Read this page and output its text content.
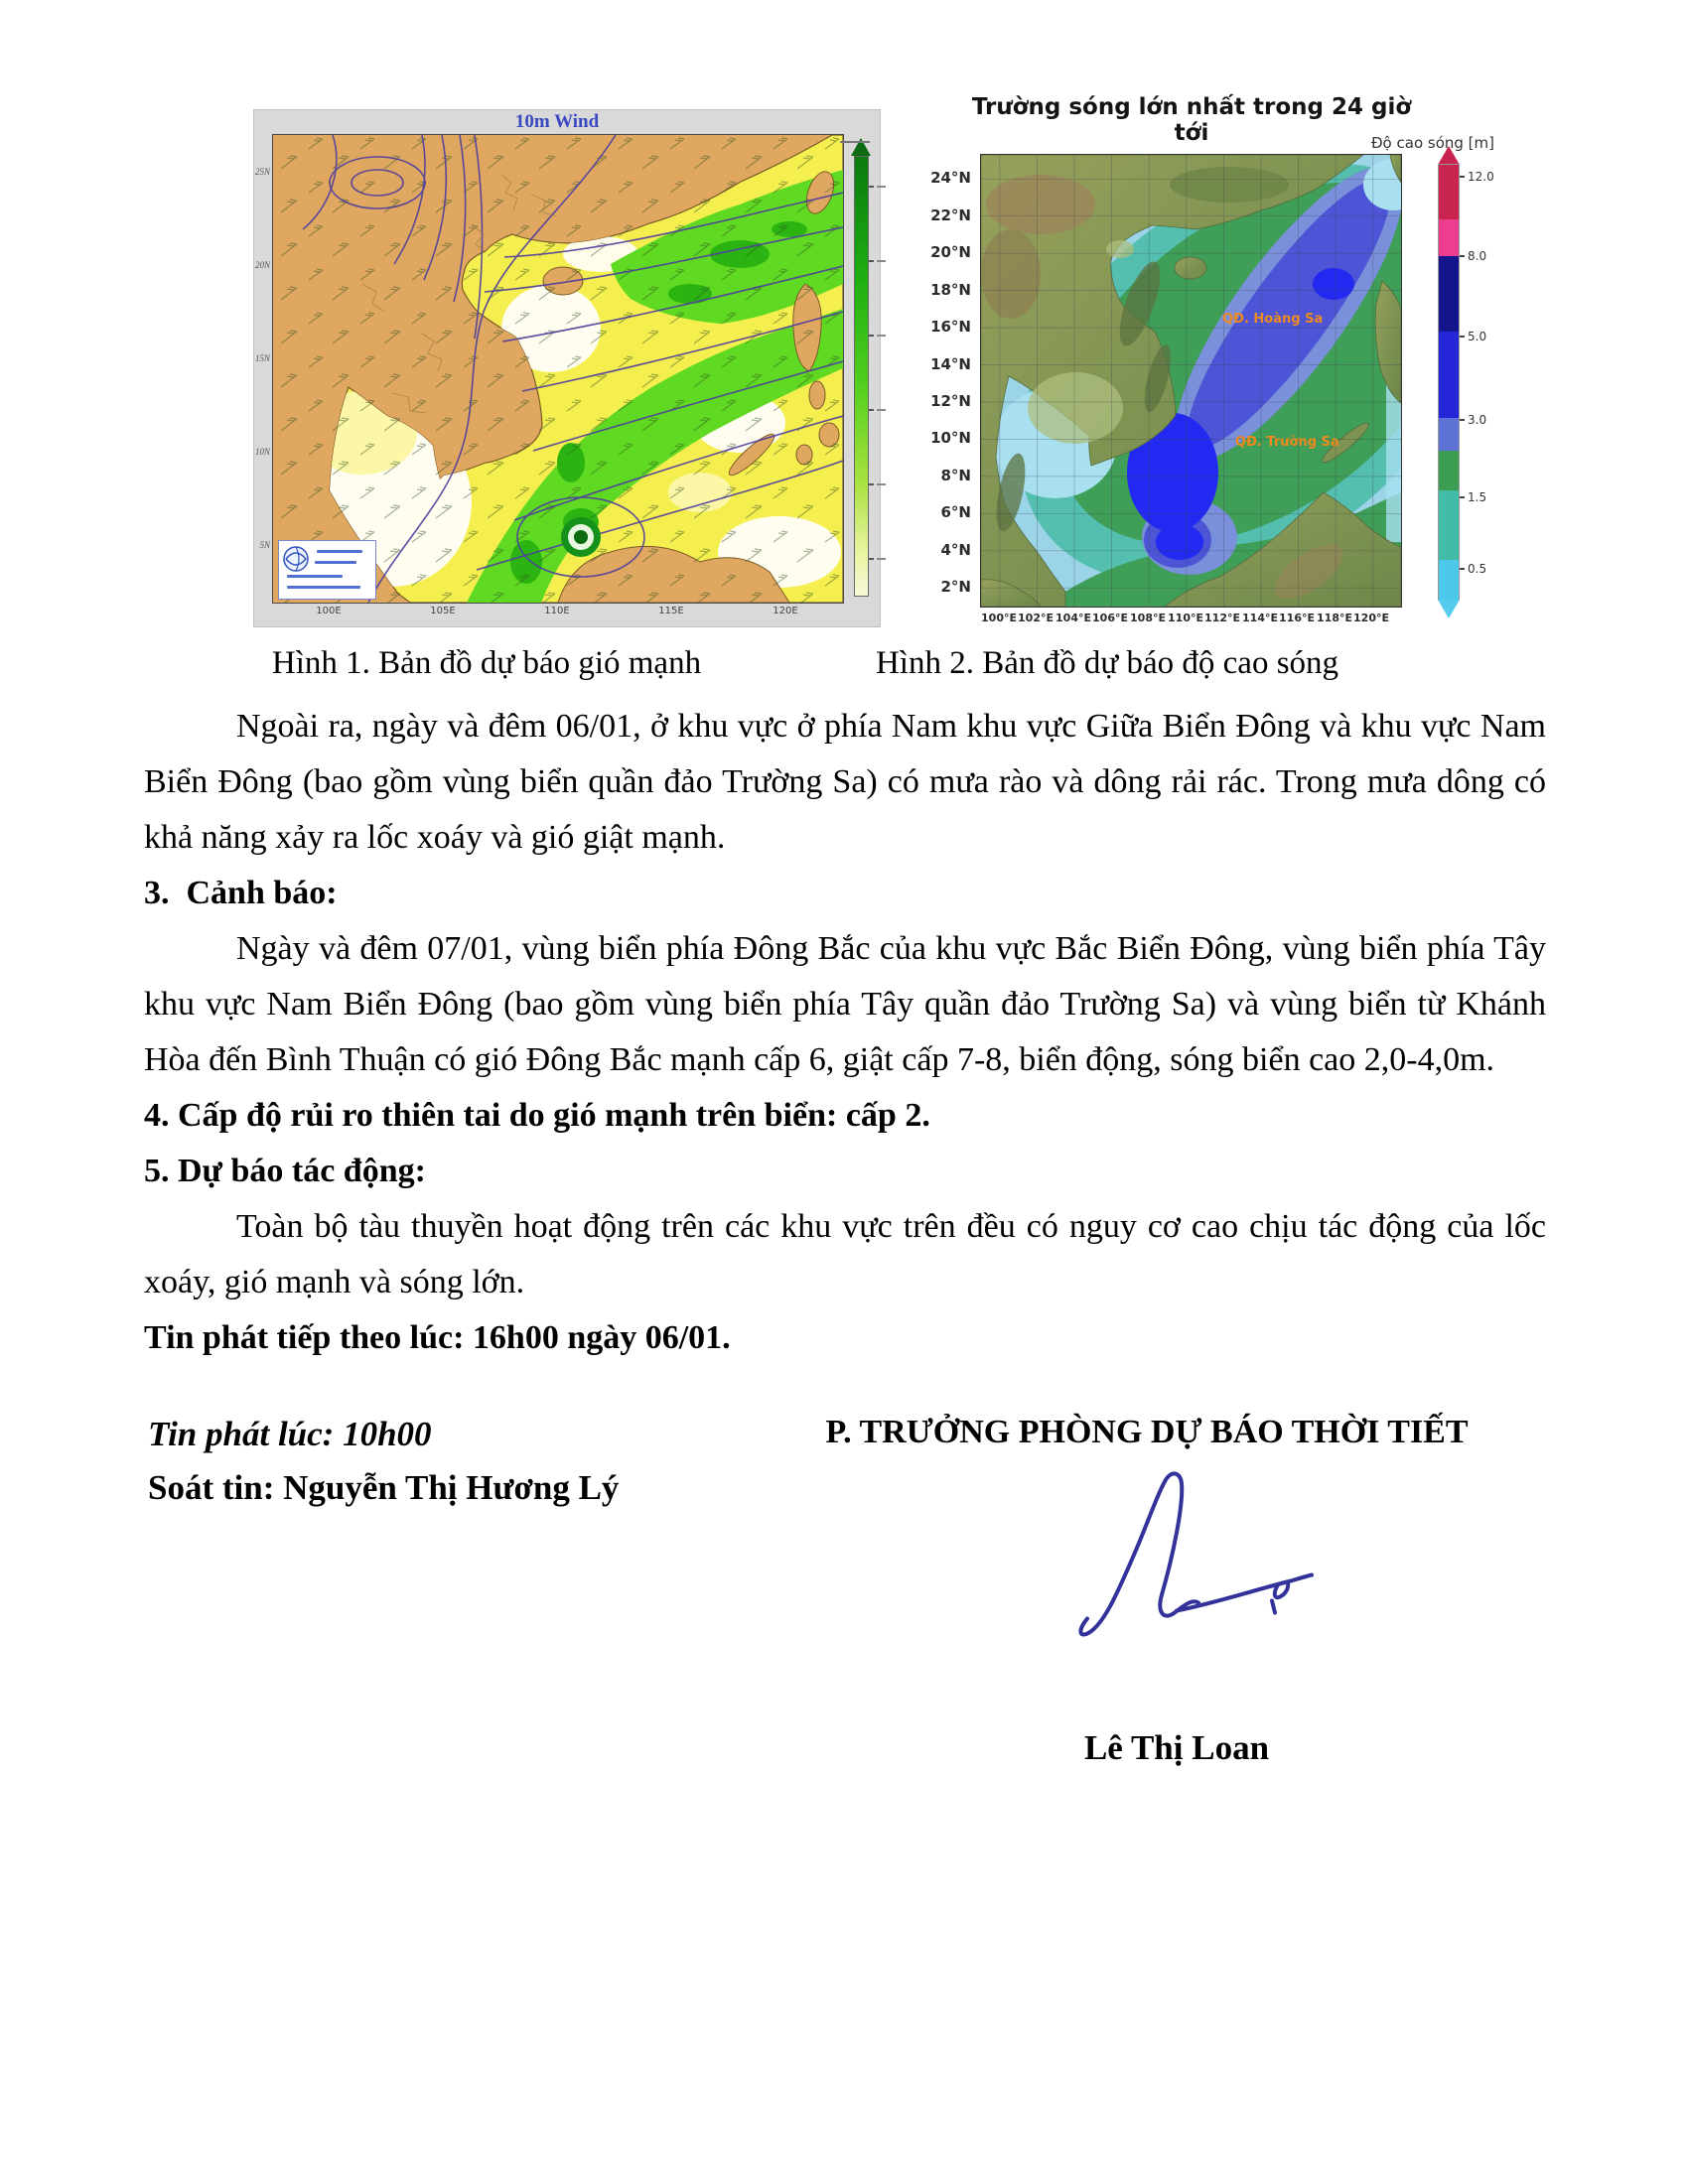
10m Wind
25N
20N
15N
10N
5N
100E	105E	110E	115E	120E
Trường sóng lớn nhất trong 24 giờ tới	Độ cao sóng [m]
QĐ. Hoàng Sa
QĐ. Trường Sa
24°N
22°N
20°N
18°N
16°N
14°N
12°N
10°N
8°N
6°N
4°N
2°N
100°E 102°E 104°E 106°E 108°E 110°E 112°E 114°E 116°E 118°E 120°E
12.0
8.0
5.0
3.0
1.5
0.5
Hình 1. Bản đồ dự báo gió mạnh	Hình 2. Bản đồ dự báo độ cao sóng

Ngoài ra, ngày và đêm 06/01, ở khu vực ở phía Nam khu vực Giữa Biển Đông và khu vực Nam Biển Đông (bao gồm vùng biển quần đảo Trường Sa) có mưa rào và dông rải rác. Trong mưa dông có khả năng xảy ra lốc xoáy và gió giật mạnh.

3.  Cảnh báo:

Ngày và đêm 07/01, vùng biển phía Đông Bắc của khu vực Bắc Biển Đông, vùng biển phía Tây khu vực Nam Biển Đông (bao gồm vùng biển phía Tây quần đảo Trường Sa) và vùng biển từ Khánh Hòa đến Bình Thuận có gió Đông Bắc mạnh cấp 6, giật cấp 7-8, biển động, sóng biển cao 2,0-4,0m.

4. Cấp độ rủi ro thiên tai do gió mạnh trên biển: cấp 2.

5. Dự báo tác động:

Toàn bộ tàu thuyền hoạt động trên các khu vực trên đều có nguy cơ cao chịu tác động của lốc xoáy, gió mạnh và sóng lớn.

Tin phát tiếp theo lúc: 16h00 ngày 06/01.

Tin phát lúc: 10h00

Soát tin: Nguyễn Thị Hương Lý

P. TRƯỞNG PHÒNG DỰ BÁO THỜI TIẾT

Lê Thị Loan
